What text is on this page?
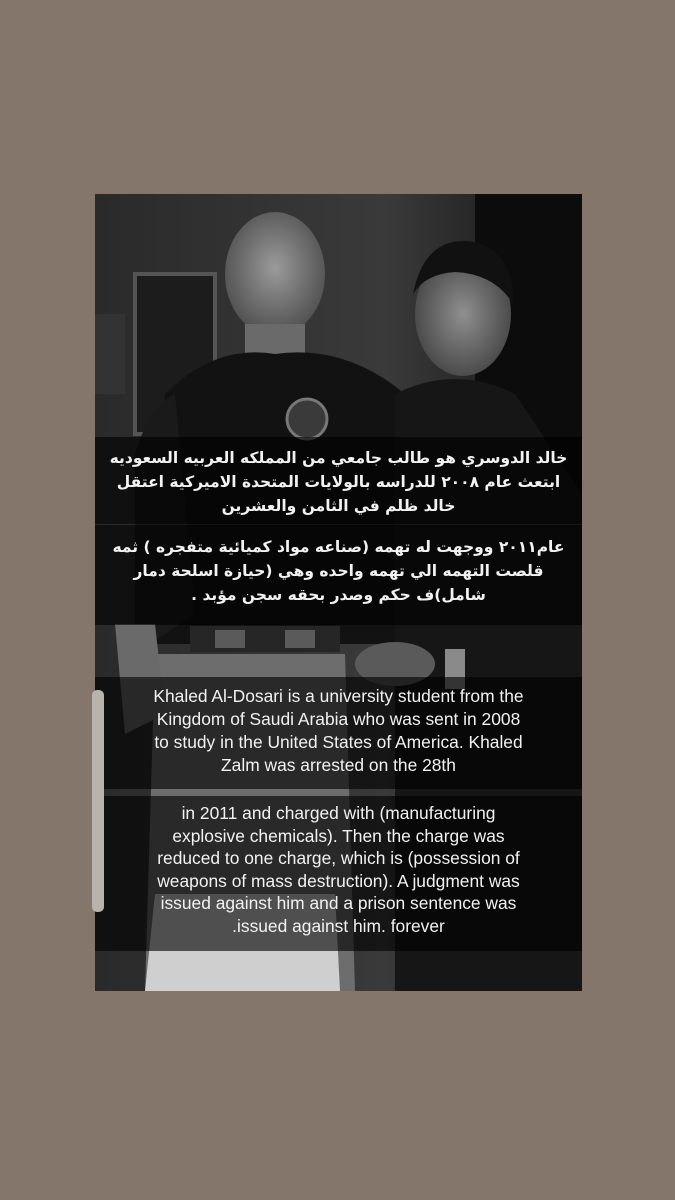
خالد الدوسري هو طالب جامعي من المملكه العربيه السعوديه
ابتعث عام ٢٠٠٨ للدراسه بالولايات المتحدة الاميركية اعتقل
خالد ظلم في الثامن والعشرين

عام٢٠١١ ووجهت له تهمه (صناعه مواد كميائية متفجره ) ثمه
قلصت التهمه الي تهمه واحده وهي (حيازة اسلحة دمار
شامل)ف حكم وصدر بحقه سجن مؤبد .

Khaled Al-Dosari is a university student from the
Kingdom of Saudi Arabia who was sent in 2008
to study in the United States of America. Khaled
Zalm was arrested on the 28th

in 2011 and charged with (manufacturing
explosive chemicals). Then the charge was
reduced to one charge, which is (possession of
weapons of mass destruction). A judgment was
issued against him and a prison sentence was
.issued against him. forever
